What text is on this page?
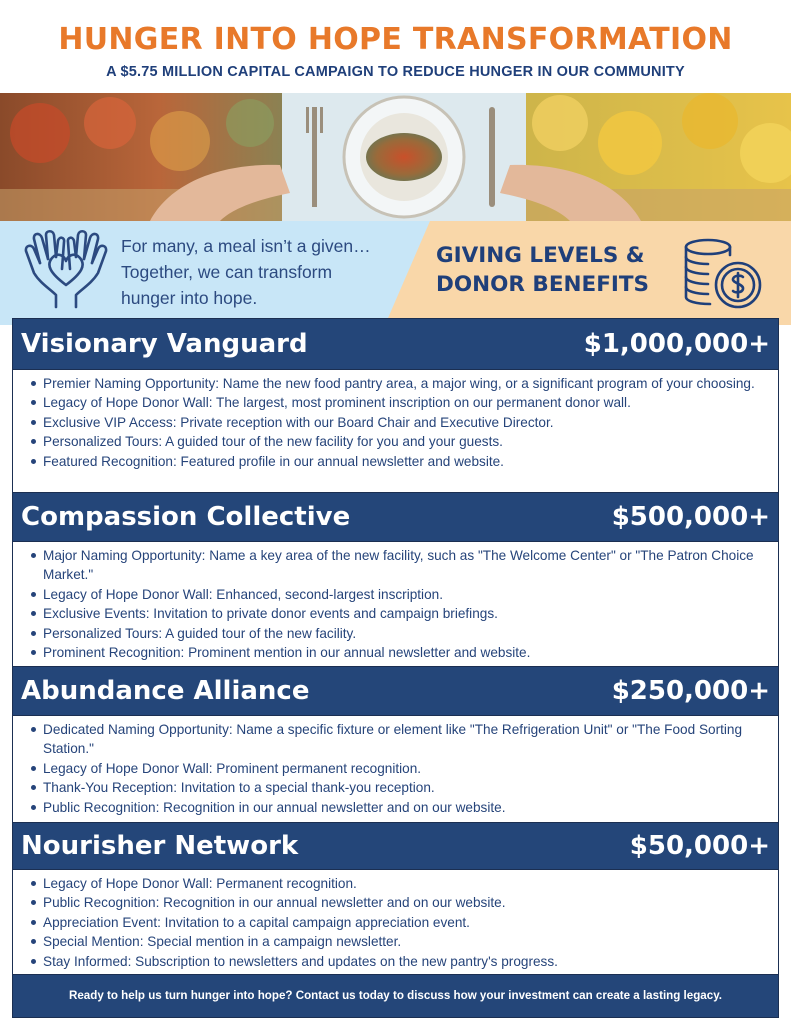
HUNGER INTO HOPE TRANSFORMATION
A $5.75 MILLION CAPITAL CAMPAIGN TO REDUCE HUNGER IN OUR COMMUNITY
For many, a meal isn’t a given…
Together, we can transform
hunger into hope.
GIVING LEVELS &
DONOR BENEFITS
Visionary Vanguard	$1,000,000+
Premier Naming Opportunity: Name the new food pantry area, a major wing, or a significant program of your choosing.
Legacy of Hope Donor Wall: The largest, most prominent inscription on our permanent donor wall.
Exclusive VIP Access: Private reception with our Board Chair and Executive Director.
Personalized Tours: A guided tour of the new facility for you and your guests.
Featured Recognition: Featured profile in our annual newsletter and website.
Compassion Collective	$500,000+
Major Naming Opportunity: Name a key area of the new facility, such as "The Welcome Center" or "The Patron Choice Market."
Legacy of Hope Donor Wall: Enhanced, second-largest inscription.
Exclusive Events: Invitation to private donor events and campaign briefings.
Personalized Tours: A guided tour of the new facility.
Prominent Recognition: Prominent mention in our annual newsletter and website.
Abundance Alliance	$250,000+
Dedicated Naming Opportunity: Name a specific fixture or element like "The Refrigeration Unit" or "The Food Sorting Station."
Legacy of Hope Donor Wall: Prominent permanent recognition.
Thank-You Reception: Invitation to a special thank-you reception.
Public Recognition: Recognition in our annual newsletter and on our website.
Nourisher Network	$50,000+
Legacy of Hope Donor Wall: Permanent recognition.
Public Recognition: Recognition in our annual newsletter and on our website.
Appreciation Event: Invitation to a capital campaign appreciation event.
Special Mention: Special mention in a campaign newsletter.
Stay Informed: Subscription to newsletters and updates on the new pantry's progress.
Ready to help us turn hunger into hope? Contact us today to discuss how your investment can create a lasting legacy.
